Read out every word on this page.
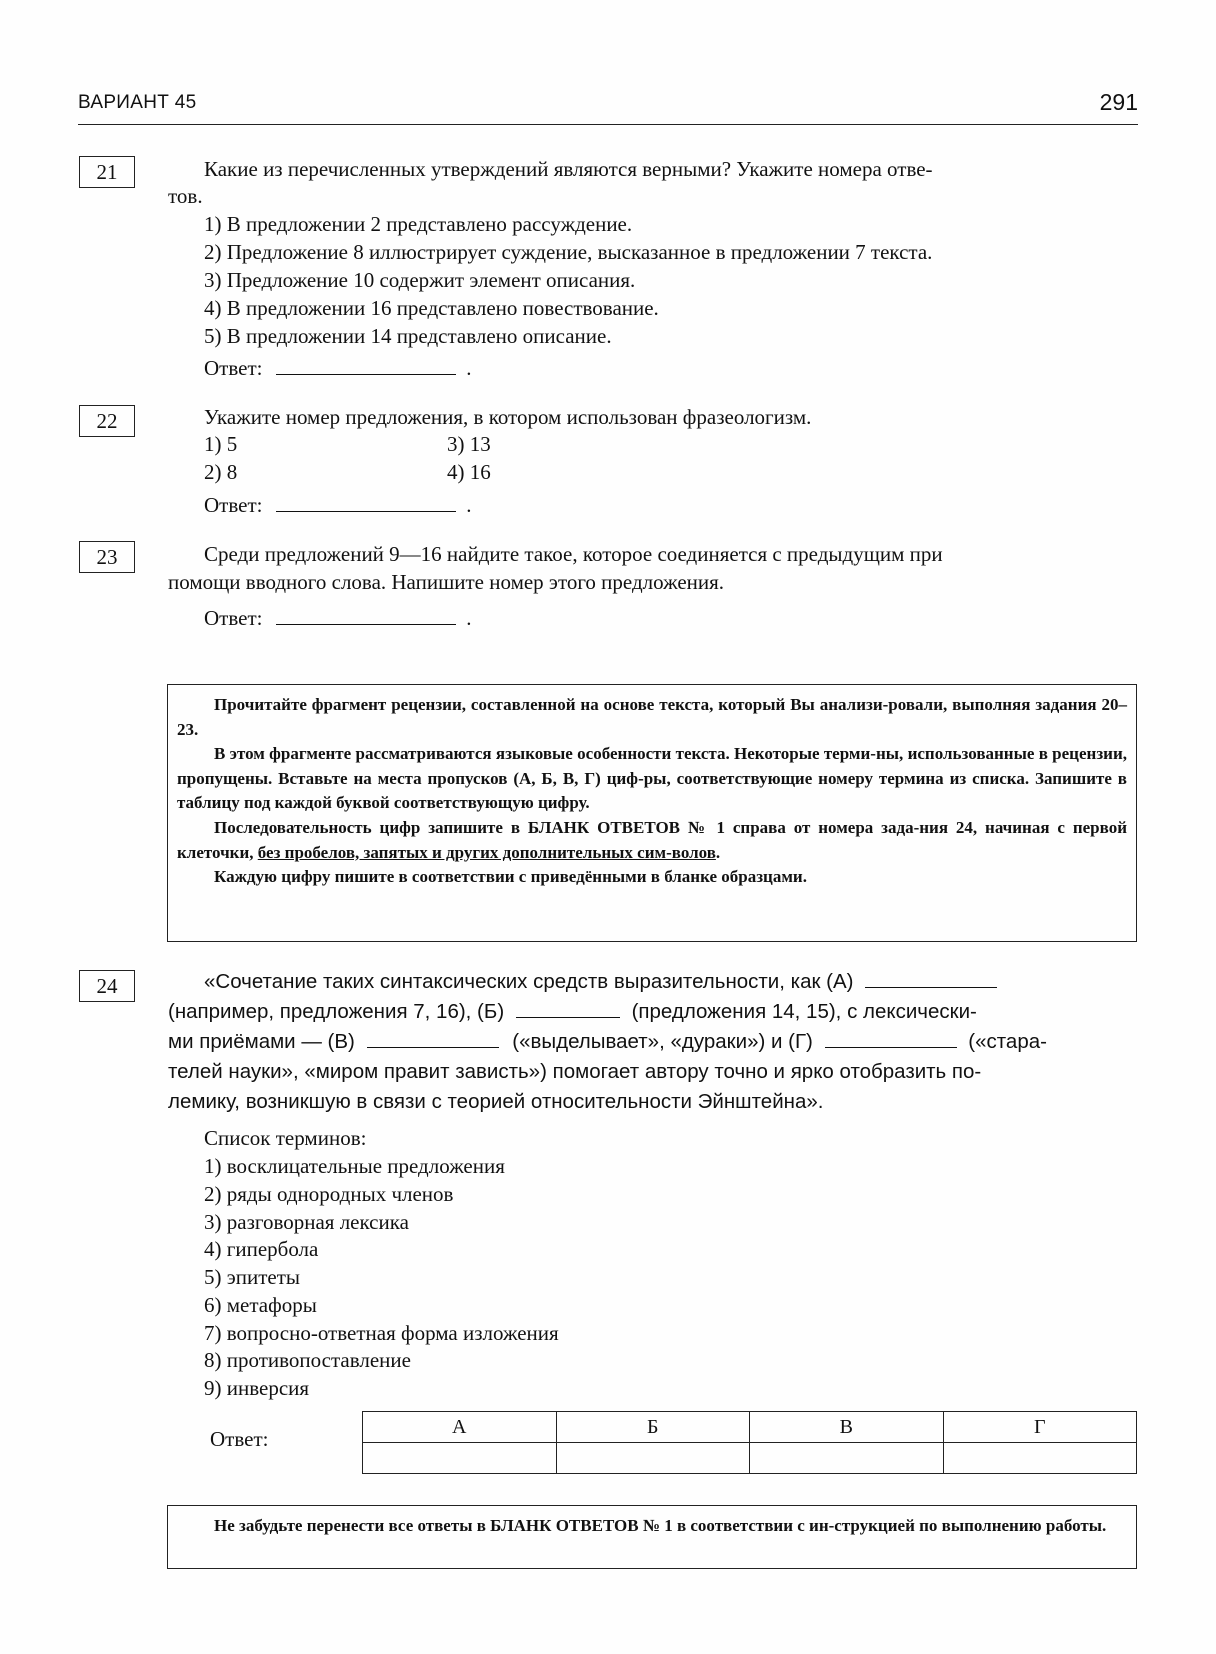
ВАРИАНТ 45	291
21	Какие из перечисленных утверждений являются верными? Укажите номера отве-
тов.
1) В предложении 2 представлено рассуждение.
2) Предложение 8 иллюстрирует суждение, высказанное в предложении 7 текста.
3) Предложение 10 содержит элемент описания.
4) В предложении 16 представлено повествование.
5) В предложении 14 представлено описание.
Ответ:	.
22	Укажите номер предложения, в котором использован фразеологизм.
1) 5	3) 13
2) 8	4) 16
Ответ:	.
23	Среди предложений 9—16 найдите такое, которое соединяется с предыдущим при
помощи вводного слова. Напишите номер этого предложения.
Ответ:	.

Прочитайте фрагмент рецензии, составленной на основе текста, который Вы анализи-ровали, выполняя задания 20–23.

В этом фрагменте рассматриваются языковые особенности текста. Некоторые терми-ны, использованные в рецензии, пропущены. Вставьте на места пропусков (А, Б, В, Г) циф-ры, соответствующие номеру термина из списка. Запишите в таблицу под каждой буквой соответствующую цифру.

Последовательность цифр запишите в БЛАНК ОТВЕТОВ № 1 справа от номера зада-ния 24, начиная с первой клеточки, без пробелов, запятых и других дополнительных сим-волов.

Каждую цифру пишите в соответствии с приведёнными в бланке образцами.

24	«Сочетание таких синтаксических средств выразительности, как (А)
(например, предложения 7, 16), (Б)	(предложения 14, 15), с лексически-
ми приёмами — (В)	(«выделывает», «дураки») и (Г)	(«стара-
телей науки», «миром правит зависть») помогает автору точно и ярко отобразить по-
лемику, возникшую в связи с теорией относительности Эйнштейна».
Список терминов:
1) восклицательные предложения
2) ряды однородных членов
3) разговорная лексика
4) гипербола
5) эпитеты
6) метафоры
7) вопросно-ответная форма изложения
8) противопоставление
9) инверсия
Ответ:
А	Б	В	Г

Не забудьте перенести все ответы в БЛАНК ОТВЕТОВ № 1 в соответствии с ин-струкцией по выполнению работы.
